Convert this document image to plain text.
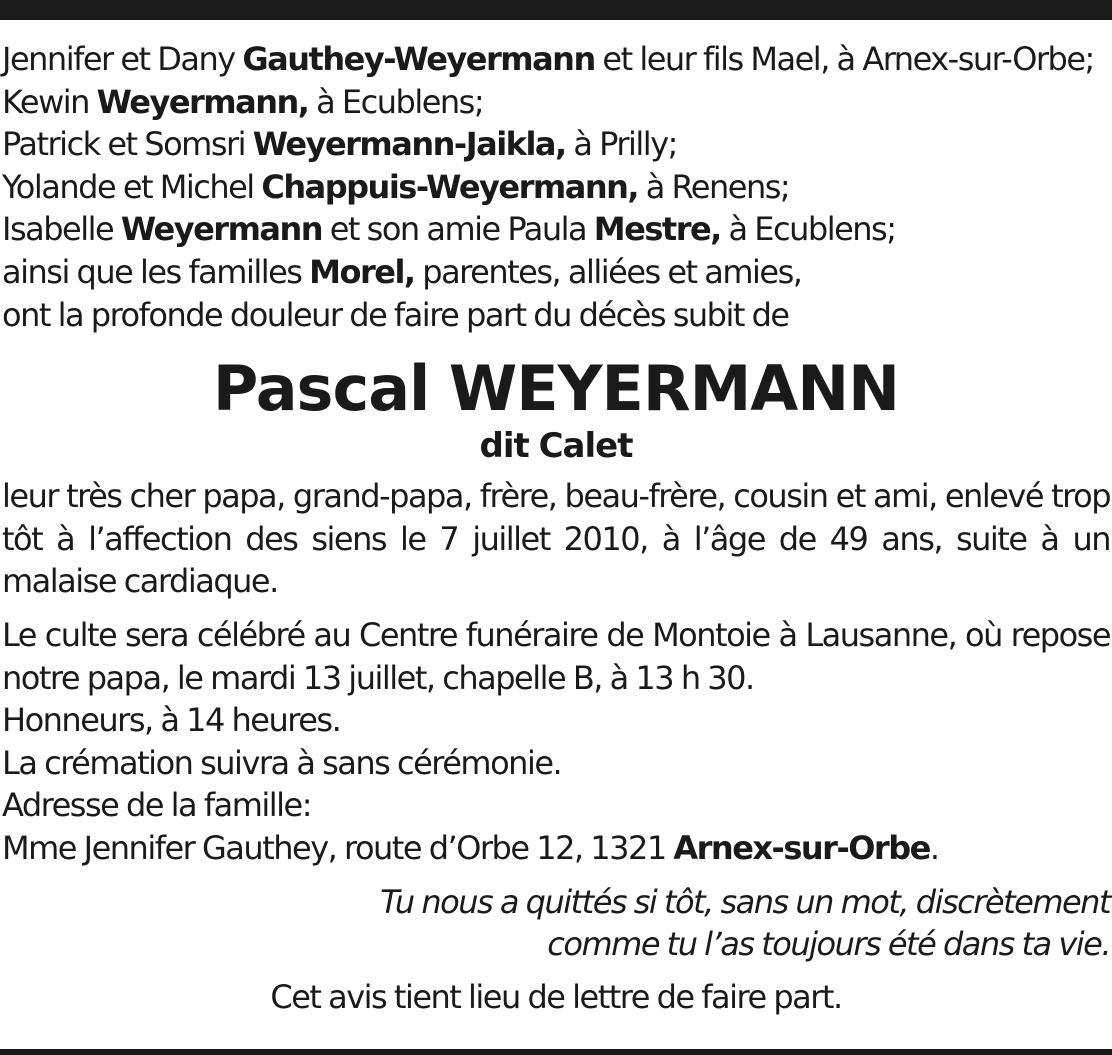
Jennifer et Dany Gauthey-Weyermann et leur fils Mael, à Arnex-sur-Orbe;
Kewin Weyermann, à Ecublens;
Patrick et Somsri Weyermann-Jaikla, à Prilly;
Yolande et Michel Chappuis-Weyermann, à Renens;
Isabelle Weyermann et son amie Paula Mestre, à Ecublens;
ainsi que les familles Morel, parentes, alliées et amies,
ont la profonde douleur de faire part du décès subit de
Pascal WEYERMANN
dit Calet
leur très cher papa, grand-papa, frère, beau-frère, cousin et ami, enlevé trop tôt à l’affection des siens le 7 juillet 2010, à l’âge de 49 ans, suite à un malaise cardiaque.
Le culte sera célébré au Centre funéraire de Montoie à Lausanne, où repose notre papa, le mardi 13 juillet, chapelle B, à 13 h 30.
Honneurs, à 14 heures.
La crémation suivra à sans cérémonie.
Adresse de la famille:
Mme Jennifer Gauthey, route d’Orbe 12, 1321 Arnex-sur-Orbe.
Tu nous a quittés si tôt, sans un mot, discrètement
comme tu l’as toujours été dans ta vie.
Cet avis tient lieu de lettre de faire part.
